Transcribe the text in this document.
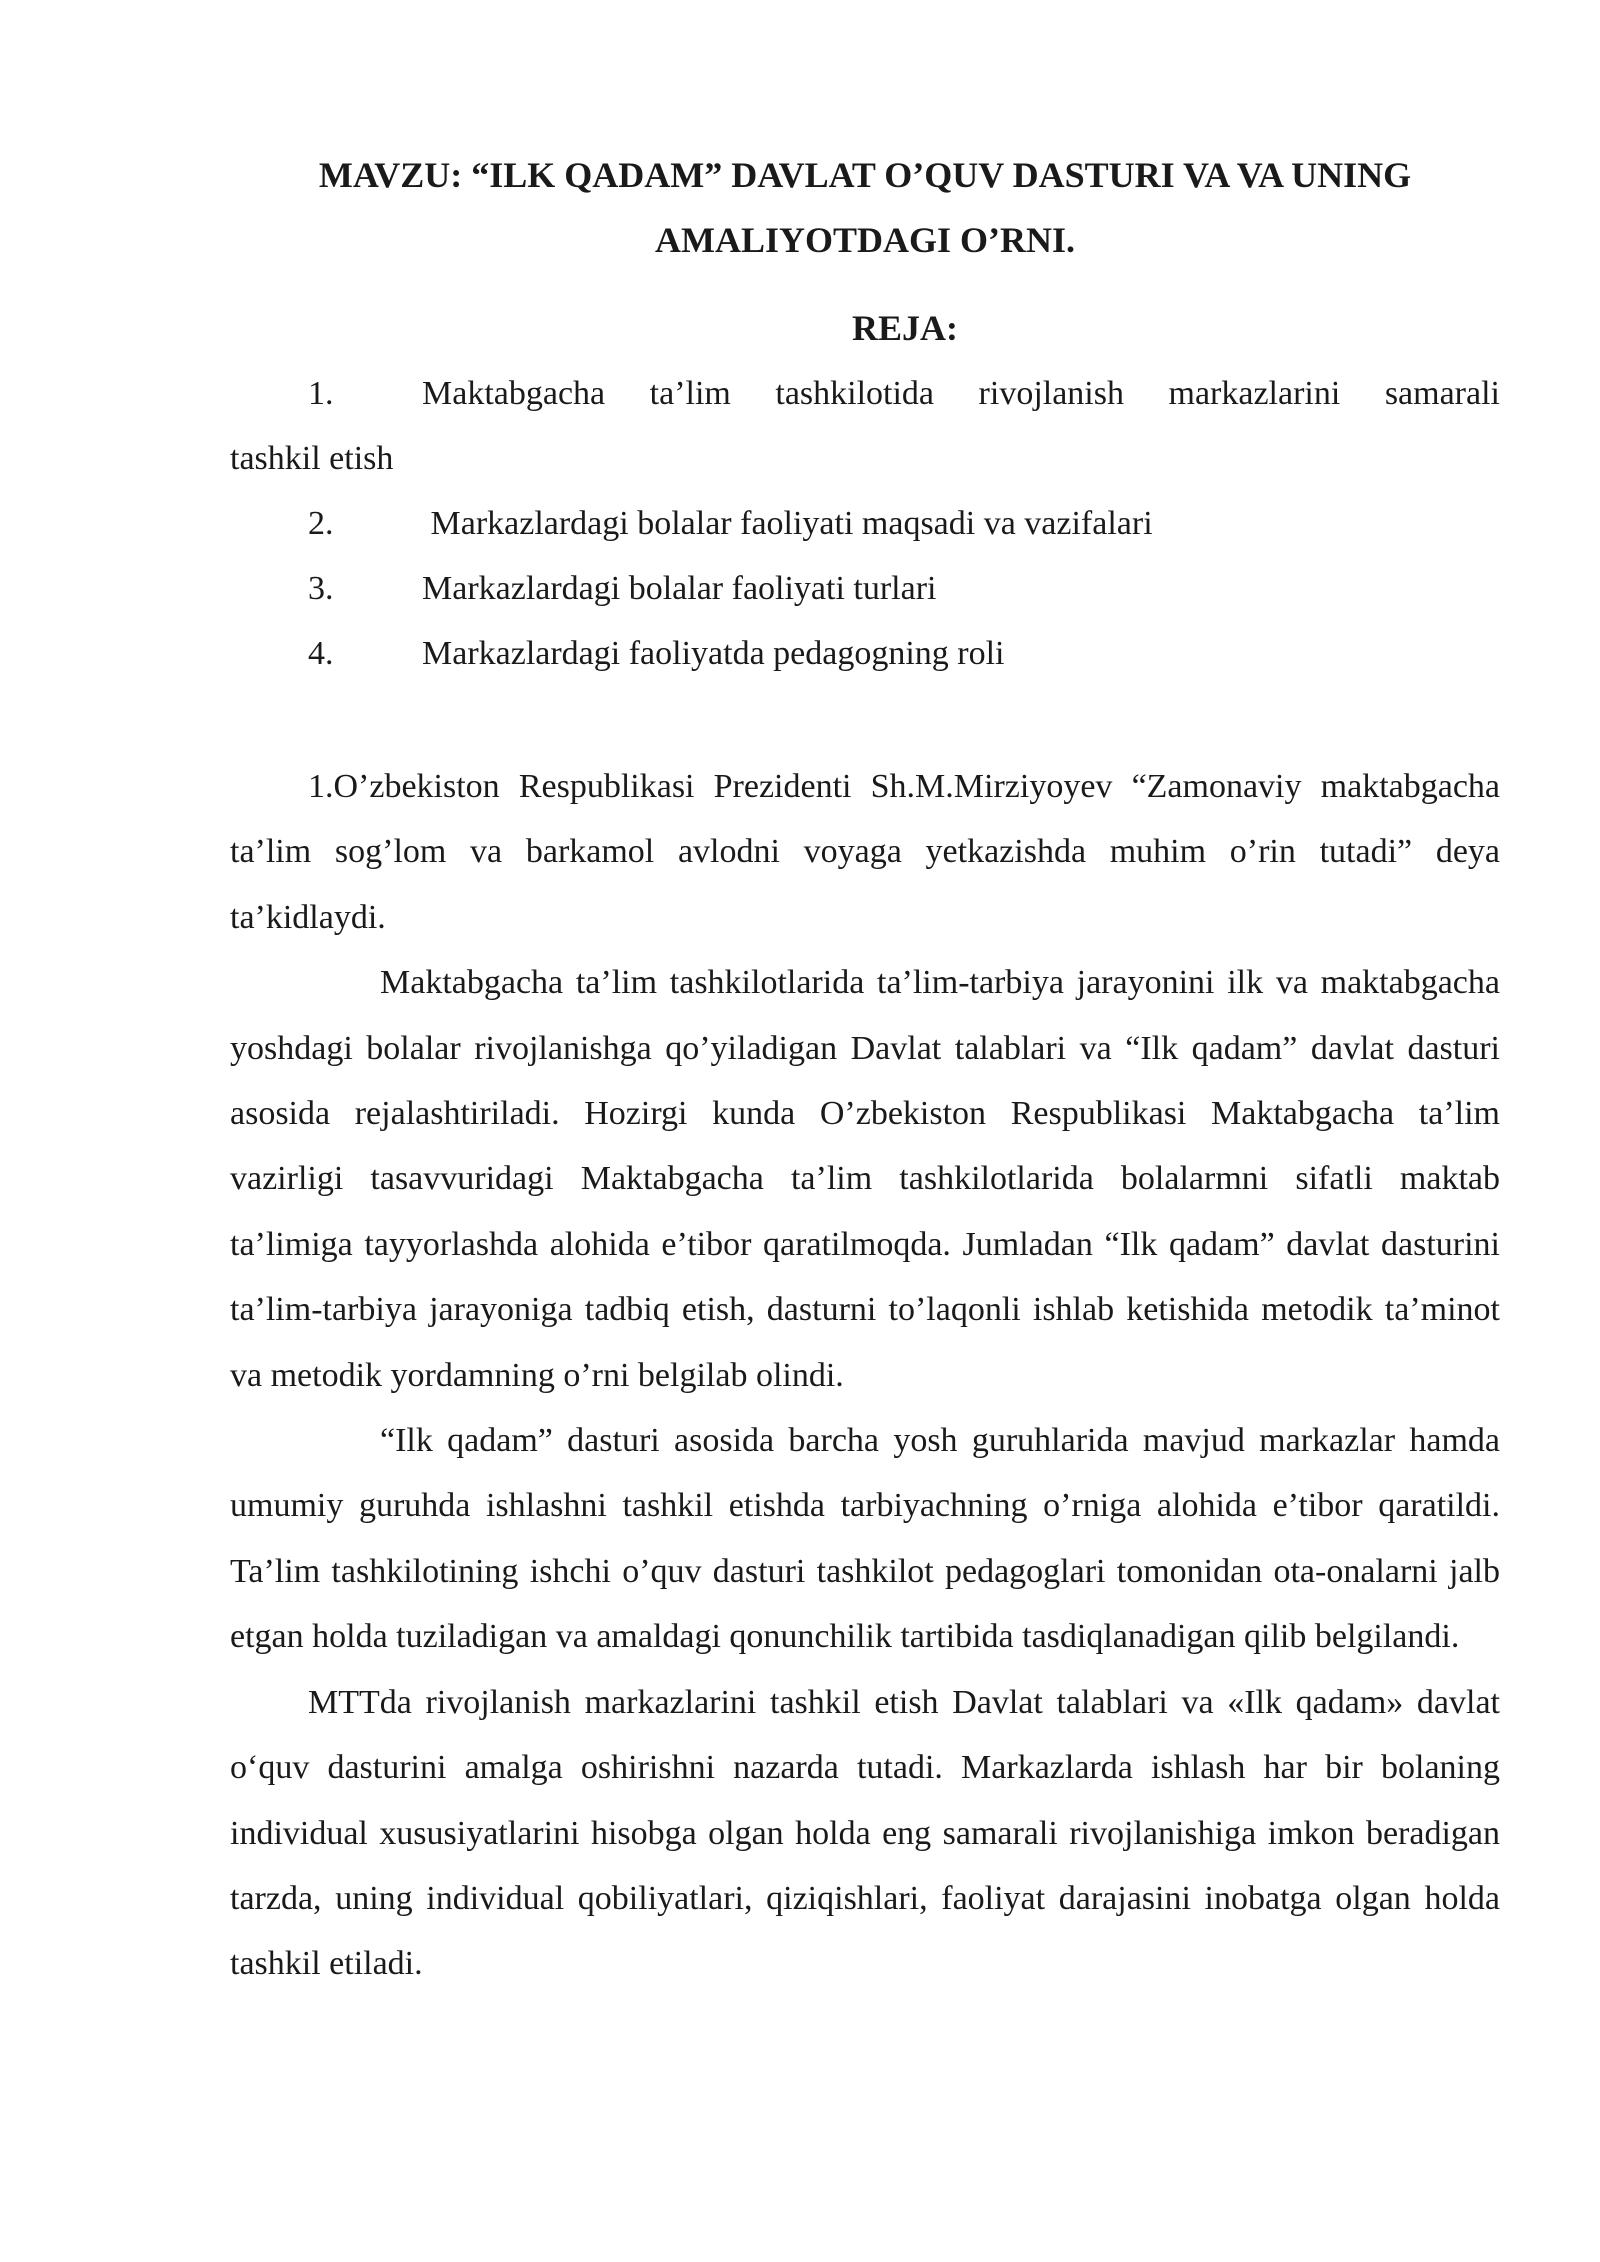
MAVZU: “ILK QADAM” DAVLAT O’QUV DASTURI VA VA UNING
AMALIYOTDAGI O’RNI.
REJA:
1.	Maktabgacha ta’lim tashkilotida rivojlanish markazlarini samarali
tashkil etish
2.	Markazlardagi bolalar faoliyati maqsadi va vazifalari
3.	Markazlardagi bolalar faoliyati turlari
4.	Markazlardagi faoliyatda pedagogning roli

1.O’zbekiston Respublikasi Prezidenti Sh.M.Mirziyoyev “Zamonaviy maktabgacha ta’lim sog’lom va barkamol avlodni voyaga yetkazishda muhim o’rin tutadi” deya ta’kidlaydi.

Maktabgacha ta’lim tashkilotlarida ta’lim-tarbiya jarayonini ilk va maktabgacha yoshdagi bolalar rivojlanishga qo’yiladigan Davlat talablari va “Ilk qadam” davlat dasturi asosida rejalashtiriladi. Hozirgi kunda O’zbekiston Respublikasi Maktabgacha ta’lim vazirligi tasavvuridagi Maktabgacha ta’lim tashkilotlarida bolalarmni sifatli maktab ta’limiga tayyorlashda alohida e’tibor qaratilmoqda. Jumladan “Ilk qadam” davlat dasturini ta’lim-tarbiya jarayoniga tadbiq etish, dasturni to’laqonli ishlab ketishida metodik ta’minot va metodik yordamning o’rni belgilab olindi.

“Ilk qadam” dasturi asosida barcha yosh guruhlarida mavjud markazlar hamda umumiy guruhda ishlashni tashkil etishda tarbiyachning o’rniga alohida e’tibor qaratildi. Ta’lim tashkilotining ishchi o’quv dasturi tashkilot pedagoglari tomonidan ota-onalarni jalb etgan holda tuziladigan va amaldagi qonunchilik tartibida tasdiqlanadigan qilib belgilandi.

MTTda rivojlanish markazlarini tashkil etish Davlat talablari va «Ilk qadam» davlat o‘quv dasturini amalga oshirishni nazarda tutadi. Markazlarda ishlash har bir bolaning individual xususiyatlarini hisobga olgan holda eng samarali rivojlanishiga imkon beradigan tarzda, uning individual qobiliyatlari, qiziqishlari, faoliyat darajasini inobatga olgan holda tashkil etiladi.
